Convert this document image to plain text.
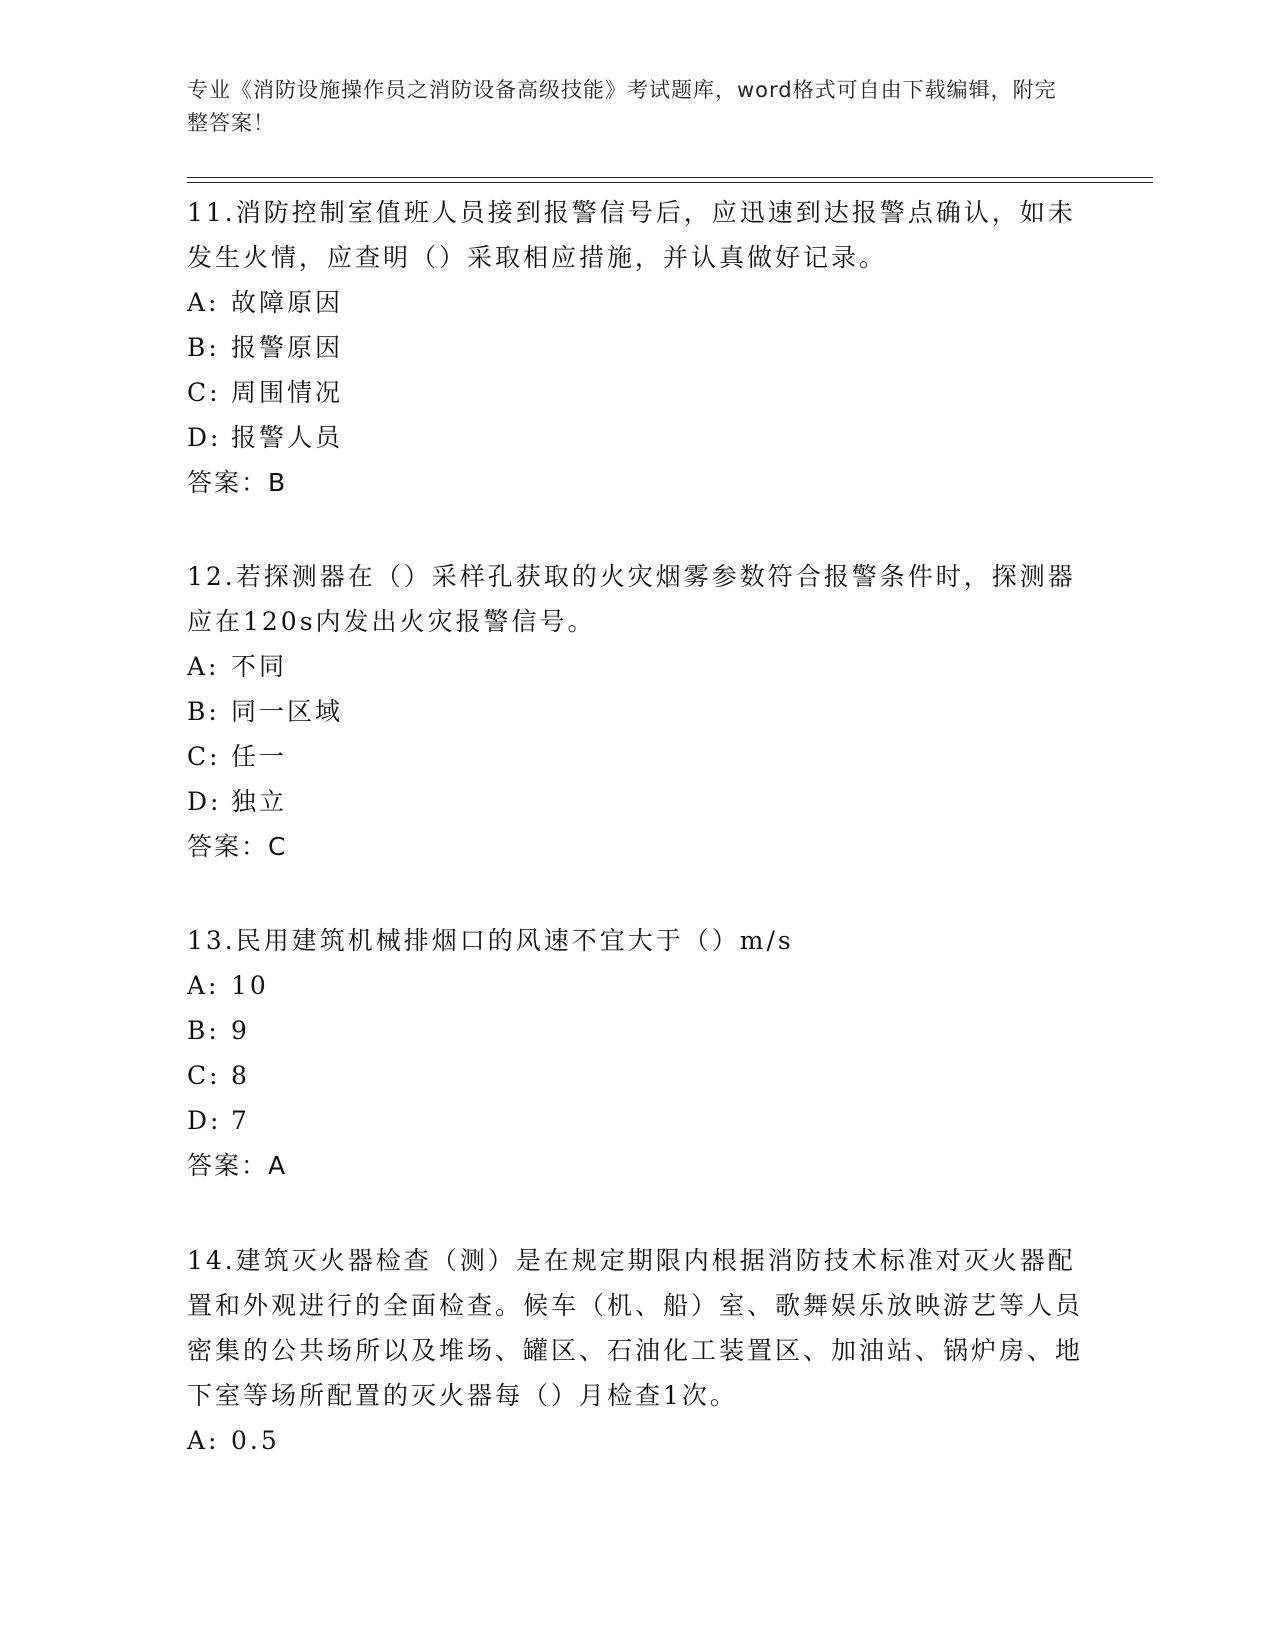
专业《消防设施操作员之消防设备高级技能》考试题库，word格式可自由下载编辑，附完整答案！

11.消防控制室值班人员接到报警信号后，应迅速到达报警点确认，如未发生火情，应查明（）采取相应措施，并认真做好记录。

A: 故障原因

B: 报警原因

C: 周围情况

D: 报警人员

答案：B

12.若探测器在（）采样孔获取的火灾烟雾参数符合报警条件时，探测器应在120s内发出火灾报警信号。

A: 不同

B: 同一区域

C: 任一

D: 独立

答案：C

13.民用建筑机械排烟口的风速不宜大于（）m/s

A: 10

B: 9

C: 8

D: 7

答案：A

14.建筑灭火器检查（测）是在规定期限内根据消防技术标准对灭火器配置和外观进行的全面检查。候车（机、船）室、歌舞娱乐放映游艺等人员密集的公共场所以及堆场、罐区、石油化工装置区、加油站、锅炉房、地下室等场所配置的灭火器每（）月检查1次。

A: 0.5
